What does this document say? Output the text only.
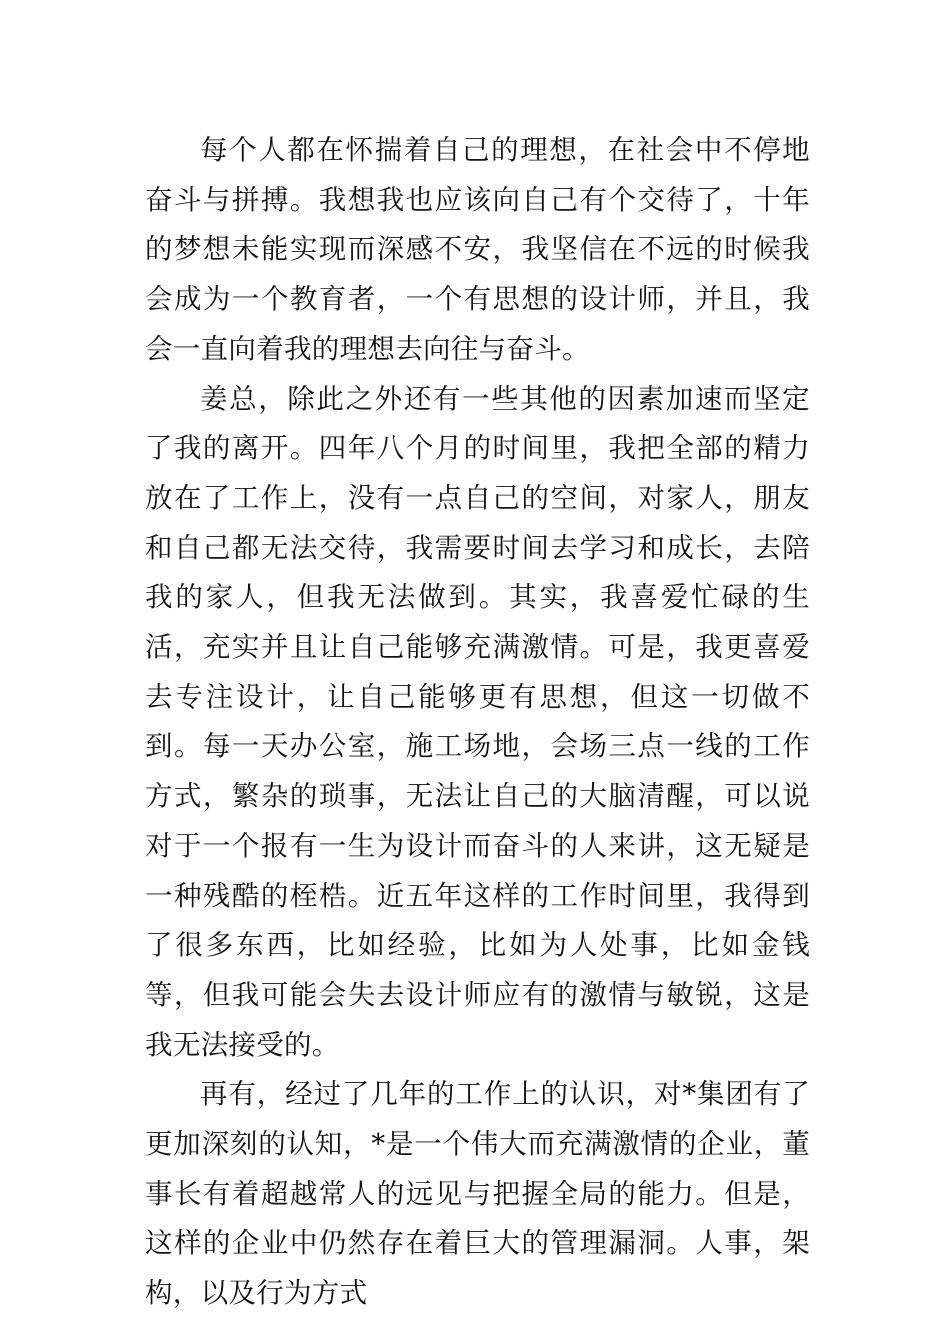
每个人都在怀揣着自己的理想，在社会中不停地奋斗与拼搏。我想我也应该向自己有个交待了，十年的梦想未能实现而深感不安，我坚信在不远的时候我会成为一个教育者，一个有思想的设计师，并且，我会一直向着我的理想去向往与奋斗。

姜总，除此之外还有一些其他的因素加速而坚定了我的离开。四年八个月的时间里，我把全部的精力放在了工作上，没有一点自己的空间，对家人，朋友和自己都无法交待，我需要时间去学习和成长，去陪我的家人，但我无法做到。其实，我喜爱忙碌的生活，充实并且让自己能够充满激情。可是，我更喜爱去专注设计，让自己能够更有思想，但这一切做不到。每一天办公室，施工场地，会场三点一线的工作方式，繁杂的琐事，无法让自己的大脑清醒，可以说对于一个报有一生为设计而奋斗的人来讲，这无疑是一种残酷的桎梏。近五年这样的工作时间里，我得到了很多东西，比如经验，比如为人处事，比如金钱等，但我可能会失去设计师应有的激情与敏锐，这是我无法接受的。

再有，经过了几年的工作上的认识，对*集团有了更加深刻的认知，*是一个伟大而充满激情的企业，董事长有着超越常人的远见与把握全局的能力。但是，这样的企业中仍然存在着巨大的管理漏洞。人事，架构，以及行为方式
